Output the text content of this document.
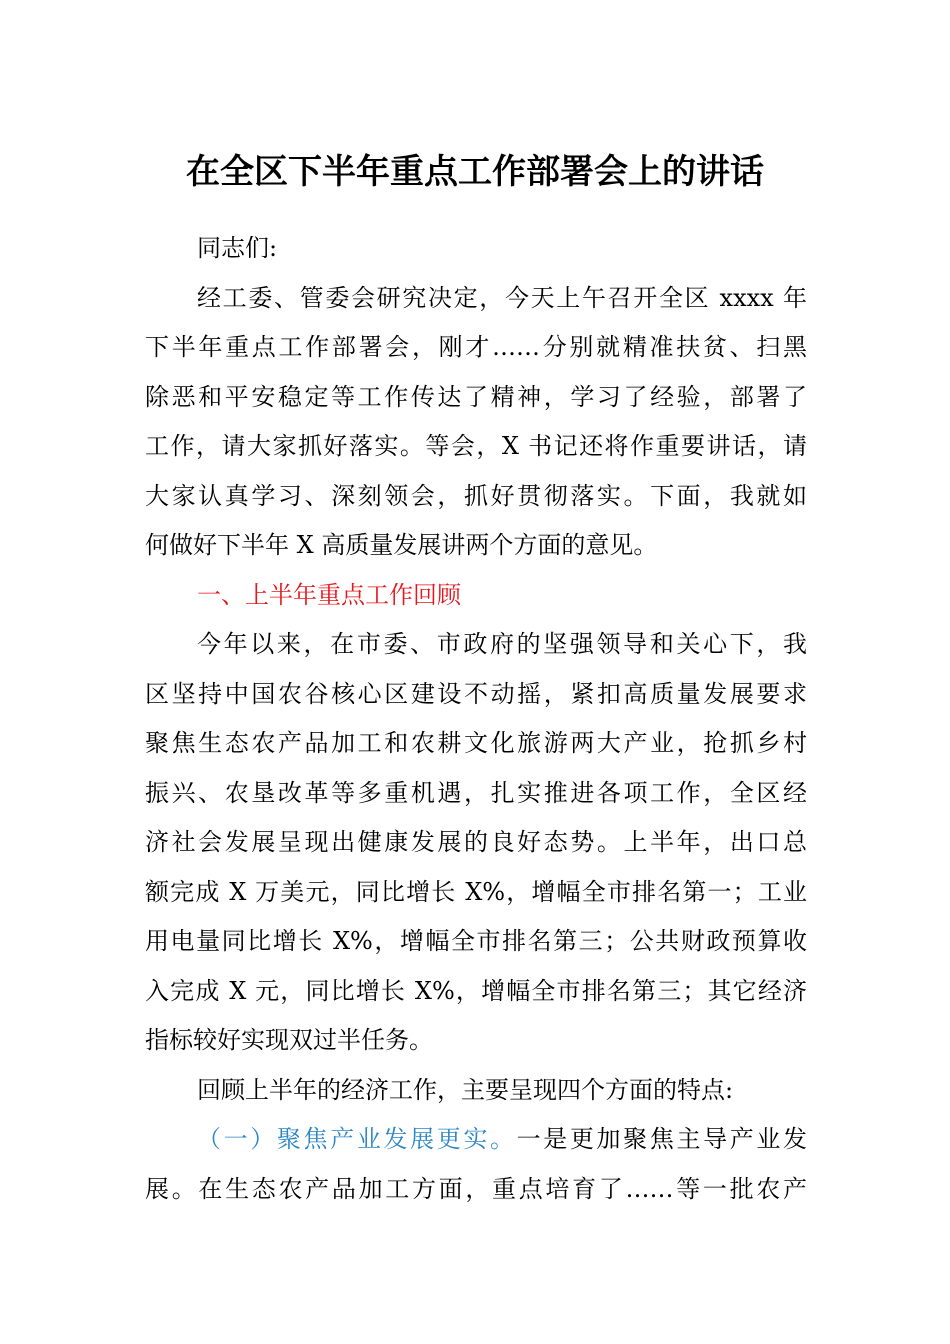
在全区下半年重点工作部署会上的讲话
同志们:
经工委、管委会研究决定，今天上午召开全区 xxxx 年
下半年重点工作部署会，刚才……分别就精准扶贫、扫黑
除恶和平安稳定等工作传达了精神，学习了经验，部署了
工作，请大家抓好落实。等会，X 书记还将作重要讲话，请
大家认真学习、深刻领会，抓好贯彻落实。下面，我就如
何做好下半年 X 高质量发展讲两个方面的意见。
一、上半年重点工作回顾
今年以来，在市委、市政府的坚强领导和关心下，我
区坚持中国农谷核心区建设不动摇，紧扣高质量发展要求
聚焦生态农产品加工和农耕文化旅游两大产业，抢抓乡村
振兴、农垦改革等多重机遇，扎实推进各项工作，全区经
济社会发展呈现出健康发展的良好态势。上半年，出口总
额完成 X 万美元，同比增长 X%，增幅全市排名第一；工业
用电量同比增长 X%，增幅全市排名第三；公共财政预算收
入完成 X 元，同比增长 X%，增幅全市排名第三；其它经济
指标较好实现双过半任务。
回顾上半年的经济工作，主要呈现四个方面的特点:
（一）聚焦产业发展更实。一是更加聚焦主导产业发
展。在生态农产品加工方面，重点培育了……等一批农产
